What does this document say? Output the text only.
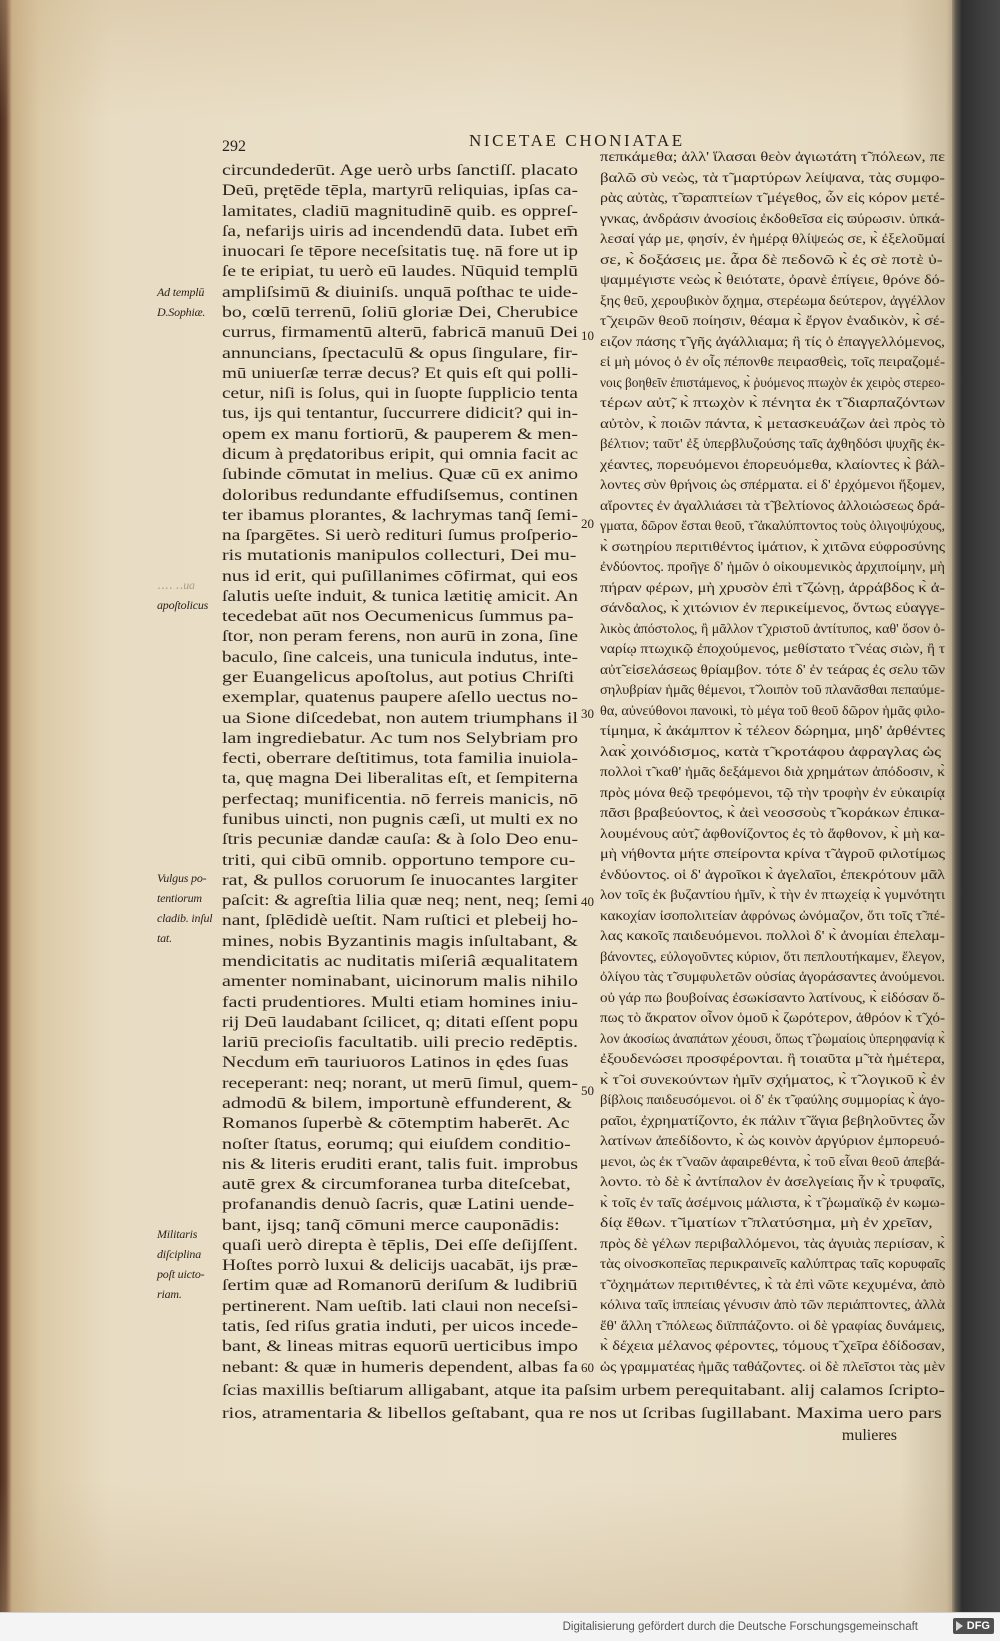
292	NICETAE CHONIATAE
circundederūt. Age uerò urbs ſanctiſſ. placato
Deū, prętēde tēpla, martyrū reliquias, ipſas ca-
lamitates, cladiū magnitudinē quib. es oppreſ-
ſa, nefarijs uiris ad incendendū data. Iubet em̄
inuocari ſe tēpore neceſsitatis tuę. nā fore ut ip
ſe te eripiat, tu uerò eū laudes. Nūquid templū
ampliſsimū & diuiniſs. unquā poſthac te uide-
bo, cœlū terrenū, ſoliū gloriæ Dei, Cherubice
currus, firmamentū alterū, fabricā manuū Dei
annuncians, ſpectaculū & opus ſingulare, fir-
mū uniuerſæ terræ decus? Et quis eſt qui polli-
cetur, niſi is ſolus, qui in ſuopte ſupplicio tenta
tus, ijs qui tentantur, ſuccurrere didicit? qui in-
opem ex manu fortiorū, & pauperem & men-
dicum à prędatoribus eripit, qui omnia facit ac
ſubinde cōmutat in melius. Quæ cū ex animo
doloribus redundante effudiſsemus, continen
ter ibamus plorantes, & lachrymas tanq̃ ſemi-
na ſpargētes. Si uerò redituri ſumus proſperio-
ris mutationis manipulos collecturi, Dei mu-
nus id erit, qui puſillanimes cōfirmat, qui eos
ſalutis ueſte induit, & tunica lætitię amicit. An
tecedebat aūt nos Oecumenicus ſummus pa-
ſtor, non peram ferens, non aurū in zona, ſine
baculo, ſine calceis, una tunicula indutus, inte-
ger Euangelicus apoſtolus, aut potius Chriſti
exemplar, quatenus paupere aſello uectus no-
ua Sione diſcedebat, non autem triumphans il
lam ingrediebatur. Ac tum nos Selybriam pro
fecti, oberrare deſtitimus, tota familia inuiola-
ta, quę magna Dei liberalitas eſt, et ſempiterna
perfectaq; munificentia. nō ferreis manicis, nō
funibus uincti, non pugnis cæſi, ut multi ex no
ſtris pecuniæ dandæ cauſa: & à ſolo Deo enu-
triti, qui cibū omnib. opportuno tempore cu-
rat, & pullos coruorum ſe inuocantes largiter
paſcit: & agreſtia lilia quæ neq; nent, neq; ſemi
nant, ſplēdidè ueſtit. Nam ruſtici et plebeij ho-
mines, nobis Byzantinis magis inſultabant, &
mendicitatis ac nuditatis miſeriâ æqualitatem
amenter nominabant, uicinorum malis nihilo
facti prudentiores. Multi etiam homines iniu-
rij Deū laudabant ſcilicet, q; ditati eſſent popu
lariū precioſis facultatib. uili precio redēptis.
Necdum em̄ tauriuoros Latinos in ędes ſuas
receperant: neq; norant, ut merū ſimul, quem-
admodū & bilem, importunè effunderent, &
Romanos ſuperbè & cōtemptim haberēt. Ac
noſter ſtatus, eorumq; qui eiuſdem conditio-
nis & literis eruditi erant, talis fuit. improbus
autē grex & circumforanea turba diteſcebat,
profanandis denuò ſacris, quæ Latini uende-
bant, ijsq; tanq̃ cōmuni merce cauponādis:
quaſi uerò direpta è tēplis, Dei eſſe deſijſſent.
Hoſtes porrò luxui & delicijs uacabāt, ijs præ-
ſertim quæ ad Romanorū deriſum & ludibriū
pertinerent. Nam ueſtib. lati claui non neceſsi-
tatis, ſed riſus gratia induti, per uicos incede-
bant, & lineas mitras equorū uerticibus impo
nebant: & quæ in humeris dependent, albas fa
πεπκάμεθα; ἀλλ' ἵλασαι θεὸν ἀγιωτάτη τ̃ πόλεων, πε
βαλῶ σὺ νεὼς, τὰ τ̃ μαρτύρων λείψανα, τὰς συμφο-
ρὰς αὐτὰς, τ̃ ϖραπτείων τ̃ μέγεθος, ὧν εἰς κόρον μετέ-
γνκας, ἀνδράσιν ἀνοσίοις ἐκδοθεῖσα εἰς ϖύρωσιν. ὑπκά-
λεσαί γάρ με, φησίν, ἐν ἡμέρᾳ θλίψεώς σε, κ̀ ἐξελοῦμαί
σε, κ̀ δοξάσεις με. ἆρα δὲ πεδονῶ κ̀ ἐς σὲ ποτὲ ὑ-
ψαμμέγιστε νεὼς κ̀ θειότατε, ὀρανὲ ἐπίγειε, θρόνε δό-
ξης θεῦ, χερουβικὸν ὄχημα, στερέωμα δεύτερον, ἀγγέλλον
τ̃ χειρῶν θεοῦ ποίησιν, θέαμα κ̀ ἔργον ἑναδικὸν, κ̀ σέ-
ειζον πάσης τ̃ γῆς ἀγάλλιαμα; ἢ τίς ὁ ἐπαγγελλόμενος,
εἰ μὴ μόνος ὁ ἐν οἷς πέπονθε πειρασθεὶς, τοῖς πειραζομέ-
νοις βοηθεῖν ἐπιστάμενος, κ̀ ῥυόμενος πτωχὸν ἐκ χειρὸς στερεο-
τέρων αὐτ̃, κ̀ πτωχὸν κ̀ πένητα ἐκ τ̃ διαρπαζόντων
αὐτὸν, κ̀ ποιῶν πάντα, κ̀ μετασκευάζων ἀεὶ πρὸς τὸ
βέλτιον; ταῦτ' ἐξ ὑπερβλυζούσης ταῖς ἀχθηδόσι ψυχῆς ἐκ-
χέαντες, πορευόμενοι ἐπορευόμεθα, κλαίοντες κ̀ βάλ-
λοντες σὺν θρήνοις ὡς σπέρματα. εἰ δ' ἐρχόμενοι ἥξομεν,
αἴροντες ἐν ἀγαλλιάσει τὰ τ̃ βελτίονος ἀλλοιώσεως δρά-
γματα, δῶρον ἔσται θεοῦ, τ̃ ἀκαλύπτοντος τοὺς ὀλιγοψύχους,
κ̀ σωτηρίου περιτιθέντος ἱμάτιον, κ̀ χιτῶνα εὐφροσύνης
ἐνδύοντος. προῆγε δ' ἡμῶν ὁ οἰκουμενικὸς ἀρχιποίμην, μὴ
πήραν φέρων, μὴ χρυσὸν ἐπὶ τ̃ ζώνῃ, ἀρράβδος κ̀ ἀ-
σάνδαλος, κ̀ χιτώνιον ἐν περικείμενος, ὄντως εὐαγγε-
λικὸς ἀπόστολος, ἢ μᾶλλον τ̃ χριστοῦ ἀντίτυπος, καθ' ὅσον ὀ-
ναρίῳ πτωχικῷ ἐποχούμενος, μεθίστατο τ̃ νέας σιὼν, ἢ τ̃
αὐτ̃ εἰσελάσεως θρίαμβον. τότε δ' ἐν τεάρας ἐς σελυ τῶν
σηλυβρίαν ἡμᾶς θέμενοι, τ̃ λοιπὸν τοῦ πλανᾶσθαι πεπαύμε-
θα, αὐνεύθονοι πανοικὶ, τὸ μέγα τοῦ θεοῦ δῶρον ἡμᾶς φιλο-
τίμημα, κ̀ ἀκάμπτον κ̀ τέλεον δώρημα, μηδ' ἀρθέντες
λακ̀ χοινόδισμος, κατὰ τ̃ κροτάφου ἀφραγλας ὡς
πολλοὶ τ̃ καθ' ἡμᾶς δεξάμενοι διὰ χρημάτων ἀπόδοσιν, κ̀
πρὸς μόνα θεῷ τρεφόμενοι, τῷ τὴν τροφὴν ἐν εὐκαιρίᾳ
πᾶσι βραβεύοντος, κ̀ ἀεὶ νεοσσοὺς τ̃ κοράκων ἐπικα-
λουμένους αὐτ̃, ἀφθονίζοντος ἐς τὸ ἄφθονον, κ̀ μὴ κα-
μὴ νήθοντα μήτε σπείροντα κρίνα τ̃ ἀγροῦ φιλοτίμως
ἐνδύοντος. οἱ δ' ἀγροῖκοι κ̀ ἀγελαῖοι, ἐπεκρότουν μᾶλ
λον τοῖς ἐκ βυζαντίου ἡμῖν, κ̀ τὴν ἐν πτωχείᾳ κ̀ γυμνότητι
κακοχίαν ἰσοπολιτείαν ἀφρόνως ὠνόμαζον, ὅτι τοῖς τ̃ πέ-
λας κακοῖς παιδευόμενοι. πολλοὶ δ' κ̀ ἀνομίαι ἐπελαμ-
βάνοντες, εὐλογοῦντες κύριον, ὅτι πεπλουτήκαμεν, ἔλεγον,
ὀλίγου τὰς τ̃ συμφυλετῶν οὐσίας ἀγοράσαντες ἀνούμενοι.
οὐ γάρ πω βουβοίνας ἐσωκίσαντο λατίνους, κ̀ εἰδόσαν ὅ-
πως τὸ ἄκρατον οἶνον ὁμοῦ κ̀ ζωρότερον, ἀθρόον κ̀ τ̃ χό-
λον ἀκοσίως ἀναπάτων χέουσι, ὅπως τ̃ ῥωμαίοις ὑπερηφανίᾳ κ̀
ἐξουδενώσει προσφέρονται. ἢ τοιαῦτα μ̃ τὰ ἡμέτερα,
κ̀ τ̃ οἱ συνεκούντων ἡμῖν σχήματος, κ̀ τ̃ λογικοῦ κ̀ ἐν
βίβλοις παιδευσόμενοι. οἱ δ' ἐκ τ̃ φαύλης συμμορίας κ̀ ἀγο-
ραῖοι, ἐχρηματίζοντο, ἐκ πάλιν τ̃ ἅγια βεβηλοῦντες ὧν
λατίνων ἀπεδίδοντο, κ̀ ὡς κοινὸν ἀργύριον ἐμπορευό-
μενοι, ὡς ἐκ τ̃ ναῶν ἀφαιρεθέντα, κ̀ τοῦ εἶναι θεοῦ ἀπεβά-
λοντο. τὸ δὲ κ̀ ἀντίπαλον ἐν ἀσελγείαις ἦν κ̀ τρυφαῖς,
κ̀ τοῖς ἐν ταῖς ἀσέμνοις μάλιστα, κ̀ τ̃ ῥωμαϊκῷ ἐν κωμω-
δίᾳ ἔθων. τ̃ ἱματίων τ̃ πλατύσημα, μὴ ἐν χρεῖαν,
πρὸς δὲ γέλων περιβαλλόμενοι, τὰς ἀγυιὰς περιίσαν, κ̀
τὰς οἰνοσκοπεῖας περικραινεῖς καλύπτρας ταῖς κορυφαῖς
τ̃ ὀχημάτων περιτιθέντες, κ̀ τὰ ἐπὶ νῶτε κεχυμένα, ἀπὸ
κόλινα ταῖς ἱππείαις γένυσιν ἀπὸ τῶν περιάπτοντες, ἀλλὰ
ἔθ' ἄλλη τ̃ πόλεως διϊππάζοντο. οἱ δὲ γραφίας δυνάμεις,
κ̀ δέχεια μέλανος φέροντες, τόμους τ̃ χεῖρα ἐδίδοσαν,
ὡς γραμματέας ἡμᾶς ταθάζοντες. οἱ δὲ πλεῖστοι τὰς μὲν
ſcias maxillis beſtiarum alligabant, atque ita paſsim urbem perequitabant. alij calamos ſcripto-
rios, atramentaria & libellos geſtabant, qua re nos ut ſcribas ſugillabant. Maxima uero pars
mulieres
10
20
30
40
50
60
Ad templū
D.Sophiæ.
‥‥ ‥ua
apoſtolicus
Vulgus po-
tentiorum
cladib. inſul
tat.
Militaris
diſciplina
poſt uicto-
riam.
Digitalisierung gefördert durch die Deutsche Forschungsgemeinschaft	DFG
